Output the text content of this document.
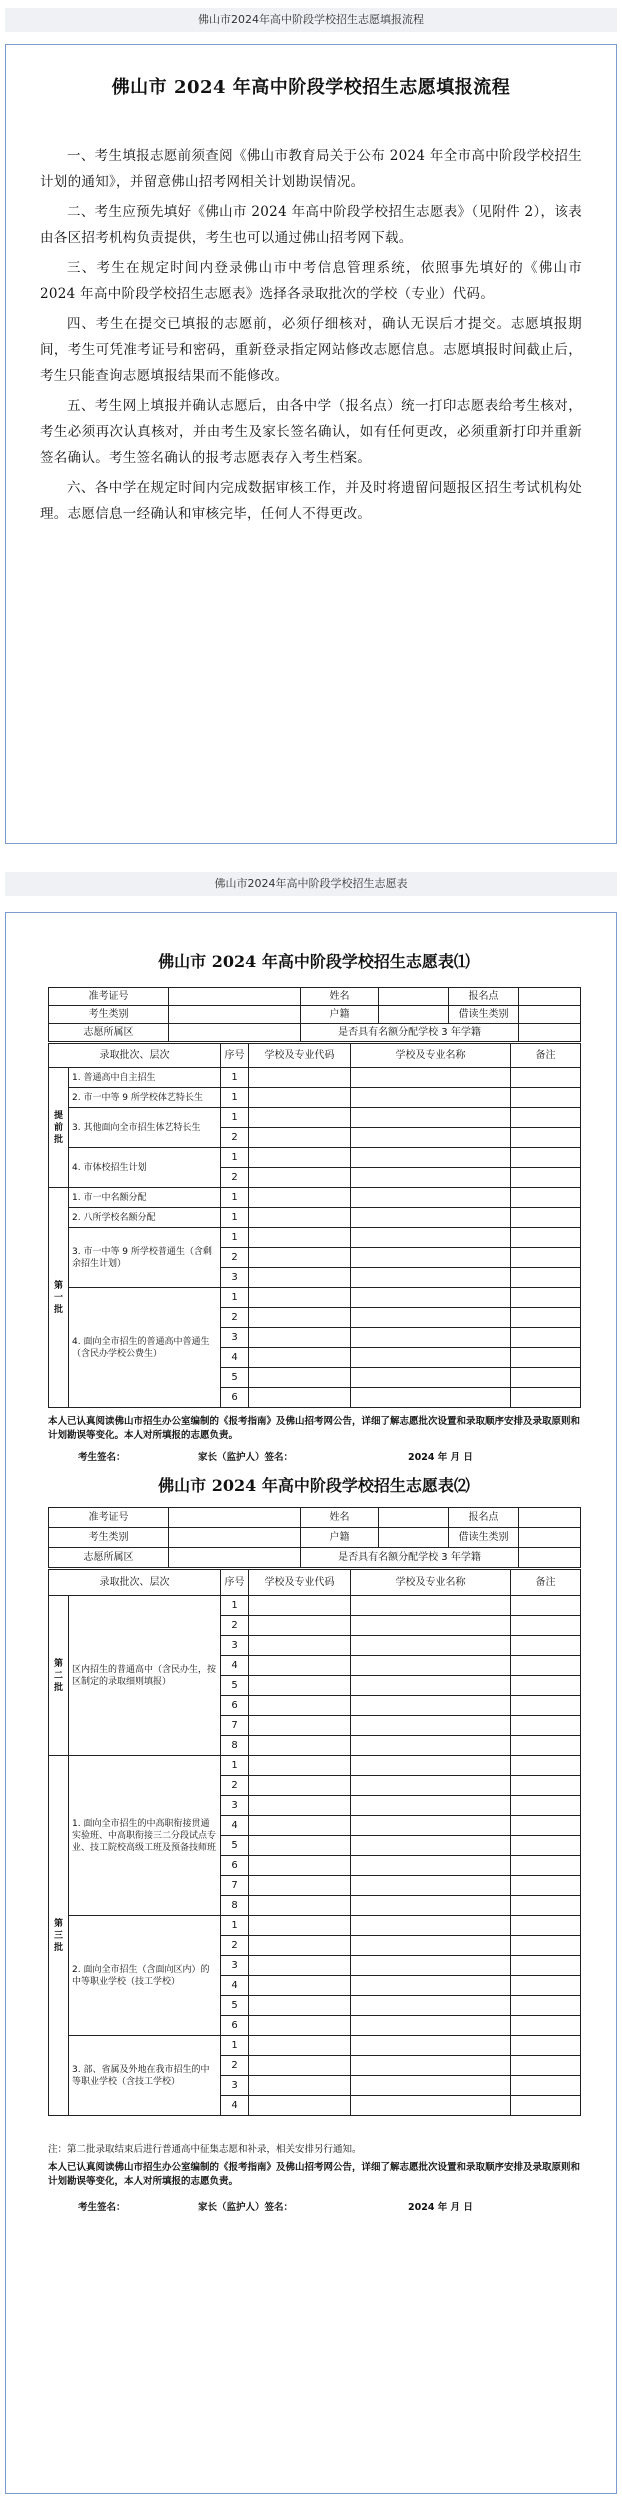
佛山市2024年高中阶段学校招生志愿填报流程
佛山市 2024 年高中阶段学校招生志愿填报流程

一、考生填报志愿前须查阅《佛山市教育局关于公布 2024 年全市高中阶段学校招生计划的通知》，并留意佛山招考网相关计划勘误情况。

二、考生应预先填好《佛山市 2024 年高中阶段学校招生志愿表》（见附件 2），该表由各区招考机构负责提供，考生也可以通过佛山招考网下载。

三、考生在规定时间内登录佛山市中考信息管理系统，依照事先填好的《佛山市 2024 年高中阶段学校招生志愿表》选择各录取批次的学校（专业）代码。

四、考生在提交已填报的志愿前，必须仔细核对，确认无误后才提交。志愿填报期间，考生可凭准考证号和密码，重新登录指定网站修改志愿信息。志愿填报时间截止后，考生只能查询志愿填报结果而不能修改。

五、考生网上填报并确认志愿后，由各中学（报名点）统一打印志愿表给考生核对，考生必须再次认真核对，并由考生及家长签名确认，如有任何更改，必须重新打印并重新签名确认。考生签名确认的报考志愿表存入考生档案。

六、各中学在规定时间内完成数据审核工作，并及时将遗留问题报区招生考试机构处理。志愿信息一经确认和审核完毕，任何人不得更改。

佛山市2024年高中阶段学校招生志愿表
佛山市 2024 年高中阶段学校招生志愿表⑴
准考证号		姓名		报名点	
考生类别		户籍		借读生类别	
志愿所属区		是否具有名额分配学校 3 年学籍			
录取批次、层次		序号	学校及专业代码	学校及专业名称	备注
提前批	1. 普通高中自主招生	1			
	2. 市一中等 9 所学校体艺特长生	1			
	3. 其他面向全市招生体艺特长生	1			
		2			
	4. 市体校招生计划	1			
		2			
第一批	1. 市一中名额分配	1			
	2. 八所学校名额分配	1			
	3. 市一中等 9 所学校普通生（含剩余招生计划）	1			
		2			
		3			
	4. 面向全市招生的普通高中普通生（含民办学校公费生）	1			
		2			
		3			
		4			
		5			
		6			
本人已认真阅读佛山市招生办公室编制的《报考指南》及佛山招考网公告，详细了解志愿批次设置和录取顺序安排及录取原则和计划勘误等变化。本人对所填报的志愿负责。
考生签名：	家长（监护人）签名：	2024 年 月 日
佛山市 2024 年高中阶段学校招生志愿表⑵
准考证号		姓名		报名点	
考生类别		户籍		借读生类别	
志愿所属区		是否具有名额分配学校 3 年学籍			
录取批次、层次		序号	学校及专业代码	学校及专业名称	备注
第二批	区内招生的普通高中（含民办生，按区制定的录取细则填报）	1			
		2			
		3			
		4			
		5			
		6			
		7			
		8			
第三批	1. 面向全市招生的中高职衔接贯通实验班、中高职衔接三二分段试点专业、技工院校高级工班及预备技师班	1			
		2			
		3			
		4			
		5			
		6			
		7			
		8			
	2. 面向全市招生（含面向区内）的中等职业学校（技工学校）	1			
		2			
		3			
		4			
		5			
		6			
	3. 部、省属及外地在我市招生的中等职业学校（含技工学校）	1			
		2			
		3			
		4			
注：第二批录取结束后进行普通高中征集志愿和补录，相关安排另行通知。
本人已认真阅读佛山市招生办公室编制的《报考指南》及佛山招考网公告，详细了解志愿批次设置和录取顺序安排及录取原则和计划勘误等变化，本人对所填报的志愿负责。
考生签名：	家长（监护人）签名：	2024 年 月 日
